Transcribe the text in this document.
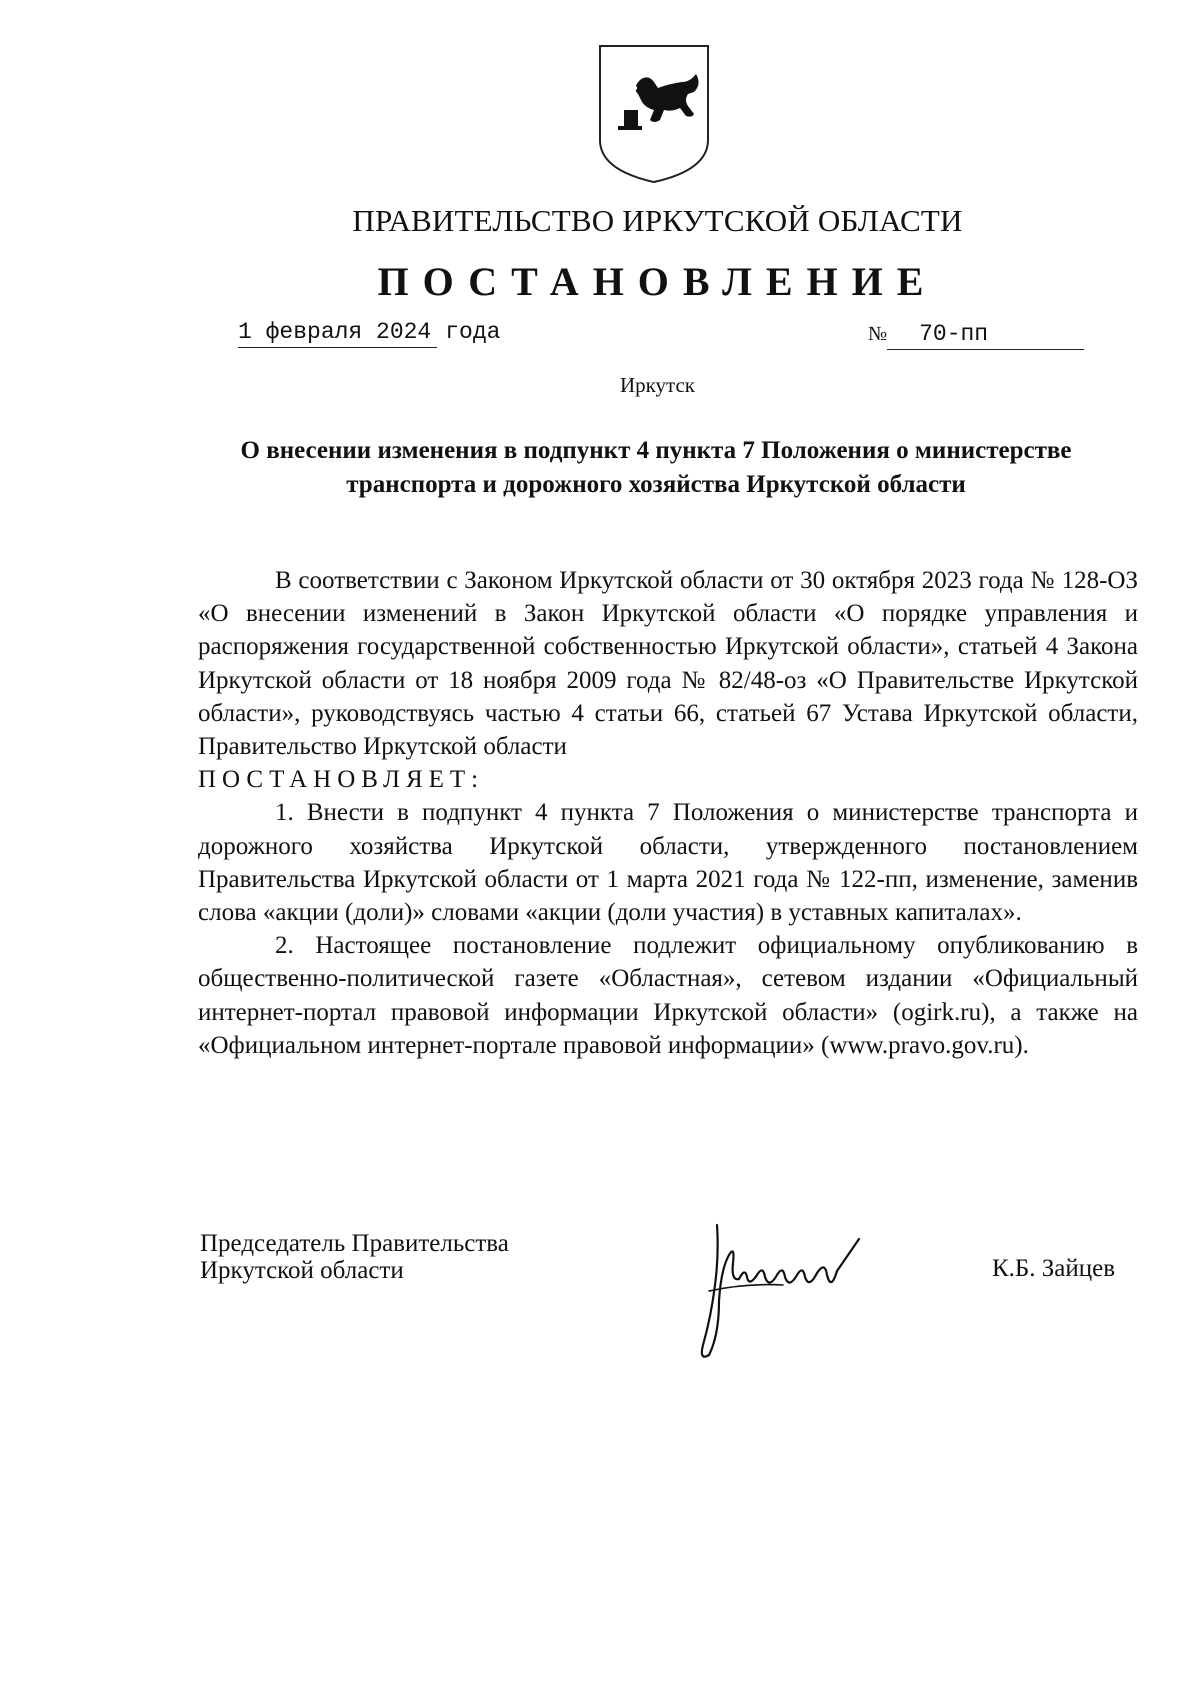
ПРАВИТЕЛЬСТВО ИРКУТСКОЙ ОБЛАСТИ
ПОСТАНОВЛЕНИЕ
1 февраля 2024 года	№ 70-пп
Иркутск
О внесении изменения в подпункт 4 пункта 7 Положения о министерстве транспорта и дорожного хозяйства Иркутской области

В соответствии с Законом Иркутской области от 30 октября 2023 года № 128-ОЗ «О внесении изменений в Закон Иркутской области «О порядке управления и распоряжения государственной собственностью Иркутской области», статьей 4 Закона Иркутской области от 18 ноября 2009 года № 82/48-оз «О Правительстве Иркутской области», руководствуясь частью 4 статьи 66, статьей 67 Устава Иркутской области, Правительство Иркутской области

ПОСТАНОВЛЯЕТ:

1. Внести в подпункт 4 пункта 7 Положения о министерстве транспорта и дорожного хозяйства Иркутской области, утвержденного постановлением Правительства Иркутской области от 1 марта 2021 года № 122-пп, изменение, заменив слова «акции (доли)» словами «акции (доли участия) в уставных капиталах».

2. Настоящее постановление подлежит официальному опубликованию в общественно-политической газете «Областная», сетевом издании «Официальный интернет-портал правовой информации Иркутской области» (ogirk.ru), а также на «Официальном интернет-портале правовой информации» (www.pravo.gov.ru).

Председатель Правительства
Иркутской области	К.Б. Зайцев
